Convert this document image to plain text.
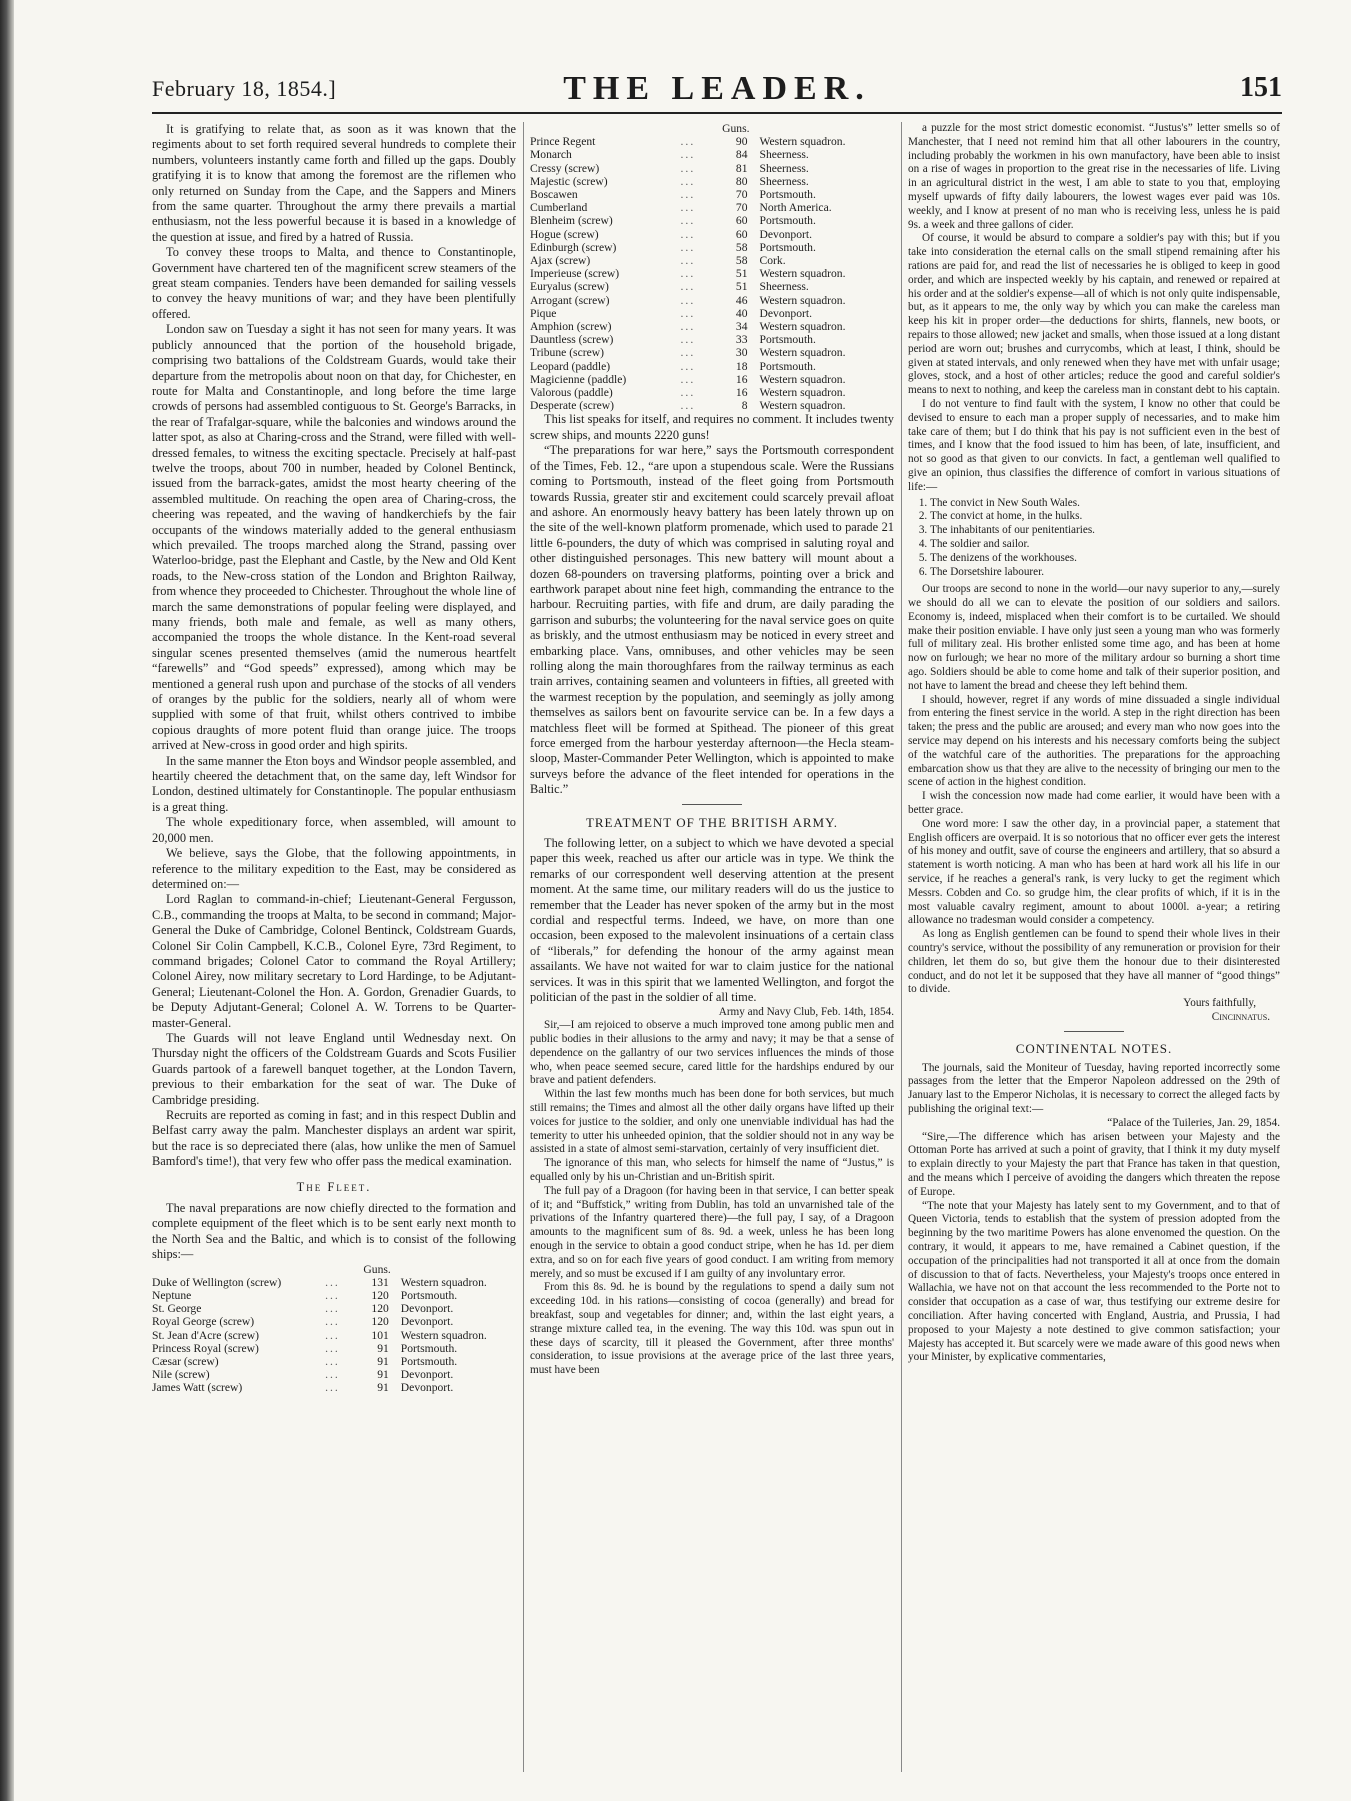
February 18, 1854.]	THE LEADER.	151

It is gratifying to relate that, as soon as it was known that the regiments about to set forth required several hundreds to complete their numbers, volunteers instantly came forth and filled up the gaps. Doubly gratifying it is to know that among the foremost are the riflemen who only returned on Sunday from the Cape, and the Sappers and Miners from the same quarter. Throughout the army there prevails a martial enthusiasm, not the less powerful because it is based in a knowledge of the question at issue, and fired by a hatred of Russia.

To convey these troops to Malta, and thence to Constantinople, Government have chartered ten of the magnificent screw steamers of the great steam companies. Tenders have been demanded for sailing vessels to convey the heavy munitions of war; and they have been plentifully offered.

London saw on Tuesday a sight it has not seen for many years. It was publicly announced that the portion of the household brigade, comprising two battalions of the Coldstream Guards, would take their departure from the metropolis about noon on that day, for Chichester, en route for Malta and Constantinople, and long before the time large crowds of persons had assembled contiguous to St. George's Barracks, in the rear of Trafalgar-square, while the balconies and windows around the latter spot, as also at Charing-cross and the Strand, were filled with well-dressed females, to witness the exciting spectacle. Precisely at half-past twelve the troops, about 700 in number, headed by Colonel Bentinck, issued from the barrack-gates, amidst the most hearty cheering of the assembled multitude. On reaching the open area of Charing-cross, the cheering was repeated, and the waving of handkerchiefs by the fair occupants of the windows materially added to the general enthusiasm which prevailed. The troops marched along the Strand, passing over Waterloo-bridge, past the Elephant and Castle, by the New and Old Kent roads, to the New-cross station of the London and Brighton Railway, from whence they proceeded to Chichester. Throughout the whole line of march the same demonstrations of popular feeling were displayed, and many friends, both male and female, as well as many others, accompanied the troops the whole distance. In the Kent-road several singular scenes presented themselves (amid the numerous heartfelt “farewells” and “God speeds” expressed), among which may be mentioned a general rush upon and purchase of the stocks of all venders of oranges by the public for the soldiers, nearly all of whom were supplied with some of that fruit, whilst others contrived to imbibe copious draughts of more potent fluid than orange juice. The troops arrived at New-cross in good order and high spirits.

In the same manner the Eton boys and Windsor people assembled, and heartily cheered the detachment that, on the same day, left Windsor for London, destined ultimately for Constantinople. The popular enthusiasm is a great thing.

The whole expeditionary force, when assembled, will amount to 20,000 men.

We believe, says the Globe, that the following appointments, in reference to the military expedition to the East, may be considered as determined on:—

Lord Raglan to command-in-chief; Lieutenant-General Fergusson, C.B., commanding the troops at Malta, to be second in command; Major-General the Duke of Cambridge, Colonel Bentinck, Coldstream Guards, Colonel Sir Colin Campbell, K.C.B., Colonel Eyre, 73rd Regiment, to command brigades; Colonel Cator to command the Royal Artillery; Colonel Airey, now military secretary to Lord Hardinge, to be Adjutant-General; Lieutenant-Colonel the Hon. A. Gordon, Grenadier Guards, to be Deputy Adjutant-General; Colonel A. W. Torrens to be Quarter-master-General.

The Guards will not leave England until Wednesday next. On Thursday night the officers of the Coldstream Guards and Scots Fusilier Guards partook of a farewell banquet together, at the London Tavern, previous to their embarkation for the seat of war. The Duke of Cambridge presiding.

Recruits are reported as coming in fast; and in this respect Dublin and Belfast carry away the palm. Manchester displays an ardent war spirit, but the race is so depreciated there (alas, how unlike the men of Samuel Bamford's time!), that very few who offer pass the medical examination.

The Fleet.

The naval preparations are now chiefly directed to the formation and complete equipment of the fleet which is to be sent early next month to the North Sea and the Baltic, and which is to consist of the following ships:—

		Guns.	
Duke of Wellington (screw)	...	131	Western squadron.
Neptune	...	120	Portsmouth.
St. George	...	120	Devonport.
Royal George (screw)	...	120	Devonport.
St. Jean d'Acre (screw)	...	101	Western squadron.
Princess Royal (screw)	...	91	Portsmouth.
Cæsar (screw)	...	91	Portsmouth.
Nile (screw)	...	91	Devonport.
James Watt (screw)	...	91	Devonport.
		Guns.	
Prince Regent	...	90	Western squadron.
Monarch	...	84	Sheerness.
Cressy (screw)	...	81	Sheerness.
Majestic (screw)	...	80	Sheerness.
Boscawen	...	70	Portsmouth.
Cumberland	...	70	North America.
Blenheim (screw)	...	60	Portsmouth.
Hogue (screw)	...	60	Devonport.
Edinburgh (screw)	...	58	Portsmouth.
Ajax (screw)	...	58	Cork.
Imperieuse (screw)	...	51	Western squadron.
Euryalus (screw)	...	51	Sheerness.
Arrogant (screw)	...	46	Western squadron.
Pique	...	40	Devonport.
Amphion (screw)	...	34	Western squadron.
Dauntless (screw)	...	33	Portsmouth.
Tribune (screw)	...	30	Western squadron.
Leopard (paddle)	...	18	Portsmouth.
Magicienne (paddle)	...	16	Western squadron.
Valorous (paddle)	...	16	Western squadron.
Desperate (screw)	...	8	Western squadron.

This list speaks for itself, and requires no comment. It includes twenty screw ships, and mounts 2220 guns!

“The preparations for war here,” says the Portsmouth correspondent of the Times, Feb. 12., “are upon a stupendous scale. Were the Russians coming to Portsmouth, instead of the fleet going from Portsmouth towards Russia, greater stir and excitement could scarcely prevail afloat and ashore. An enormously heavy battery has been lately thrown up on the site of the well-known platform promenade, which used to parade 21 little 6-pounders, the duty of which was comprised in saluting royal and other distinguished personages. This new battery will mount about a dozen 68-pounders on traversing platforms, pointing over a brick and earthwork parapet about nine feet high, commanding the entrance to the harbour. Recruiting parties, with fife and drum, are daily parading the garrison and suburbs; the volunteering for the naval service goes on quite as briskly, and the utmost enthusiasm may be noticed in every street and embarking place. Vans, omnibuses, and other vehicles may be seen rolling along the main thoroughfares from the railway terminus as each train arrives, containing seamen and volunteers in fifties, all greeted with the warmest reception by the population, and seemingly as jolly among themselves as sailors bent on favourite service can be. In a few days a matchless fleet will be formed at Spithead. The pioneer of this great force emerged from the harbour yesterday afternoon—the Hecla steam-sloop, Master-Commander Peter Wellington, which is appointed to make surveys before the advance of the fleet intended for operations in the Baltic.”

TREATMENT OF THE BRITISH ARMY.

The following letter, on a subject to which we have devoted a special paper this week, reached us after our article was in type. We think the remarks of our correspondent well deserving attention at the present moment. At the same time, our military readers will do us the justice to remember that the Leader has never spoken of the army but in the most cordial and respectful terms. Indeed, we have, on more than one occasion, been exposed to the malevolent insinuations of a certain class of “liberals,” for defending the honour of the army against mean assailants. We have not waited for war to claim justice for the national services. It was in this spirit that we lamented Wellington, and forgot the politician of the past in the soldier of all time.

Army and Navy Club, Feb. 14th, 1854.

Sir,—I am rejoiced to observe a much improved tone among public men and public bodies in their allusions to the army and navy; it may be that a sense of dependence on the gallantry of our two services influences the minds of those who, when peace seemed secure, cared little for the hardships endured by our brave and patient defenders.

Within the last few months much has been done for both services, but much still remains; the Times and almost all the other daily organs have lifted up their voices for justice to the soldier, and only one unenviable individual has had the temerity to utter his unheeded opinion, that the soldier should not in any way be assisted in a state of almost semi-starvation, certainly of very insufficient diet.

The ignorance of this man, who selects for himself the name of “Justus,” is equalled only by his un-Christian and un-British spirit.

The full pay of a Dragoon (for having been in that service, I can better speak of it; and “Buffstick,” writing from Dublin, has told an unvarnished tale of the privations of the Infantry quartered there)—the full pay, I say, of a Dragoon amounts to the magnificent sum of 8s. 9d. a week, unless he has been long enough in the service to obtain a good conduct stripe, when he has 1d. per diem extra, and so on for each five years of good conduct. I am writing from memory merely, and so must be excused if I am guilty of any involuntary error.

From this 8s. 9d. he is bound by the regulations to spend a daily sum not exceeding 10d. in his rations—consisting of cocoa (generally) and bread for breakfast, soup and vegetables for dinner; and, within the last eight years, a strange mixture called tea, in the evening. The way this 10d. was spun out in these days of scarcity, till it pleased the Government, after three months' consideration, to issue provisions at the average price of the last three years, must have been

a puzzle for the most strict domestic economist. “Justus's” letter smells so of Manchester, that I need not remind him that all other labourers in the country, including probably the workmen in his own manufactory, have been able to insist on a rise of wages in proportion to the great rise in the necessaries of life. Living in an agricultural district in the west, I am able to state to you that, employing myself upwards of fifty daily labourers, the lowest wages ever paid was 10s. weekly, and I know at present of no man who is receiving less, unless he is paid 9s. a week and three gallons of cider.

Of course, it would be absurd to compare a soldier's pay with this; but if you take into consideration the eternal calls on the small stipend remaining after his rations are paid for, and read the list of necessaries he is obliged to keep in good order, and which are inspected weekly by his captain, and renewed or repaired at his order and at the soldier's expense—all of which is not only quite indispensable, but, as it appears to me, the only way by which you can make the careless man keep his kit in proper order—the deductions for shirts, flannels, new boots, or repairs to those allowed; new jacket and smalls, when those issued at a long distant period are worn out; brushes and currycombs, which at least, I think, should be given at stated intervals, and only renewed when they have met with unfair usage; gloves, stock, and a host of other articles; reduce the good and careful soldier's means to next to nothing, and keep the careless man in constant debt to his captain.

I do not venture to find fault with the system, I know no other that could be devised to ensure to each man a proper supply of necessaries, and to make him take care of them; but I do think that his pay is not sufficient even in the best of times, and I know that the food issued to him has been, of late, insufficient, and not so good as that given to our convicts. In fact, a gentleman well qualified to give an opinion, thus classifies the difference of comfort in various situations of life:—

1. The convict in New South Wales.
2. The convict at home, in the hulks.
3. The inhabitants of our penitentiaries.
4. The soldier and sailor.
5. The denizens of the workhouses.
6. The Dorsetshire labourer.

Our troops are second to none in the world—our navy superior to any,—surely we should do all we can to elevate the position of our soldiers and sailors. Economy is, indeed, misplaced when their comfort is to be curtailed. We should make their position enviable. I have only just seen a young man who was formerly full of military zeal. His brother enlisted some time ago, and has been at home now on furlough; we hear no more of the military ardour so burning a short time ago. Soldiers should be able to come home and talk of their superior position, and not have to lament the bread and cheese they left behind them.

I should, however, regret if any words of mine dissuaded a single individual from entering the finest service in the world. A step in the right direction has been taken; the press and the public are aroused; and every man who now goes into the service may depend on his interests and his necessary comforts being the subject of the watchful care of the authorities. The preparations for the approaching embarcation show us that they are alive to the necessity of bringing our men to the scene of action in the highest condition.

I wish the concession now made had come earlier, it would have been with a better grace.

One word more: I saw the other day, in a provincial paper, a statement that English officers are overpaid. It is so notorious that no officer ever gets the interest of his money and outfit, save of course the engineers and artillery, that so absurd a statement is worth noticing. A man who has been at hard work all his life in our service, if he reaches a general's rank, is very lucky to get the regiment which Messrs. Cobden and Co. so grudge him, the clear profits of which, if it is in the most valuable cavalry regiment, amount to about 1000l. a-year; a retiring allowance no tradesman would consider a competency.

As long as English gentlemen can be found to spend their whole lives in their country's service, without the possibility of any remuneration or provision for their children, let them do so, but give them the honour due to their disinterested conduct, and do not let it be supposed that they have all manner of “good things” to divide.

Yours faithfully,

Cincinnatus.

CONTINENTAL NOTES.

The journals, said the Moniteur of Tuesday, having reported incorrectly some passages from the letter that the Emperor Napoleon addressed on the 29th of January last to the Emperor Nicholas, it is necessary to correct the alleged facts by publishing the original text:—

“Palace of the Tuileries, Jan. 29, 1854.

“Sire,—The difference which has arisen between your Majesty and the Ottoman Porte has arrived at such a point of gravity, that I think it my duty myself to explain directly to your Majesty the part that France has taken in that question, and the means which I perceive of avoiding the dangers which threaten the repose of Europe.

“The note that your Majesty has lately sent to my Government, and to that of Queen Victoria, tends to establish that the system of pression adopted from the beginning by the two maritime Powers has alone envenomed the question. On the contrary, it would, it appears to me, have remained a Cabinet question, if the occupation of the principalities had not transported it all at once from the domain of discussion to that of facts. Nevertheless, your Majesty's troops once entered in Wallachia, we have not on that account the less recommended to the Porte not to consider that occupation as a case of war, thus testifying our extreme desire for conciliation. After having concerted with England, Austria, and Prussia, I had proposed to your Majesty a note destined to give common satisfaction; your Majesty has accepted it. But scarcely were we made aware of this good news when your Minister, by explicative commentaries,
